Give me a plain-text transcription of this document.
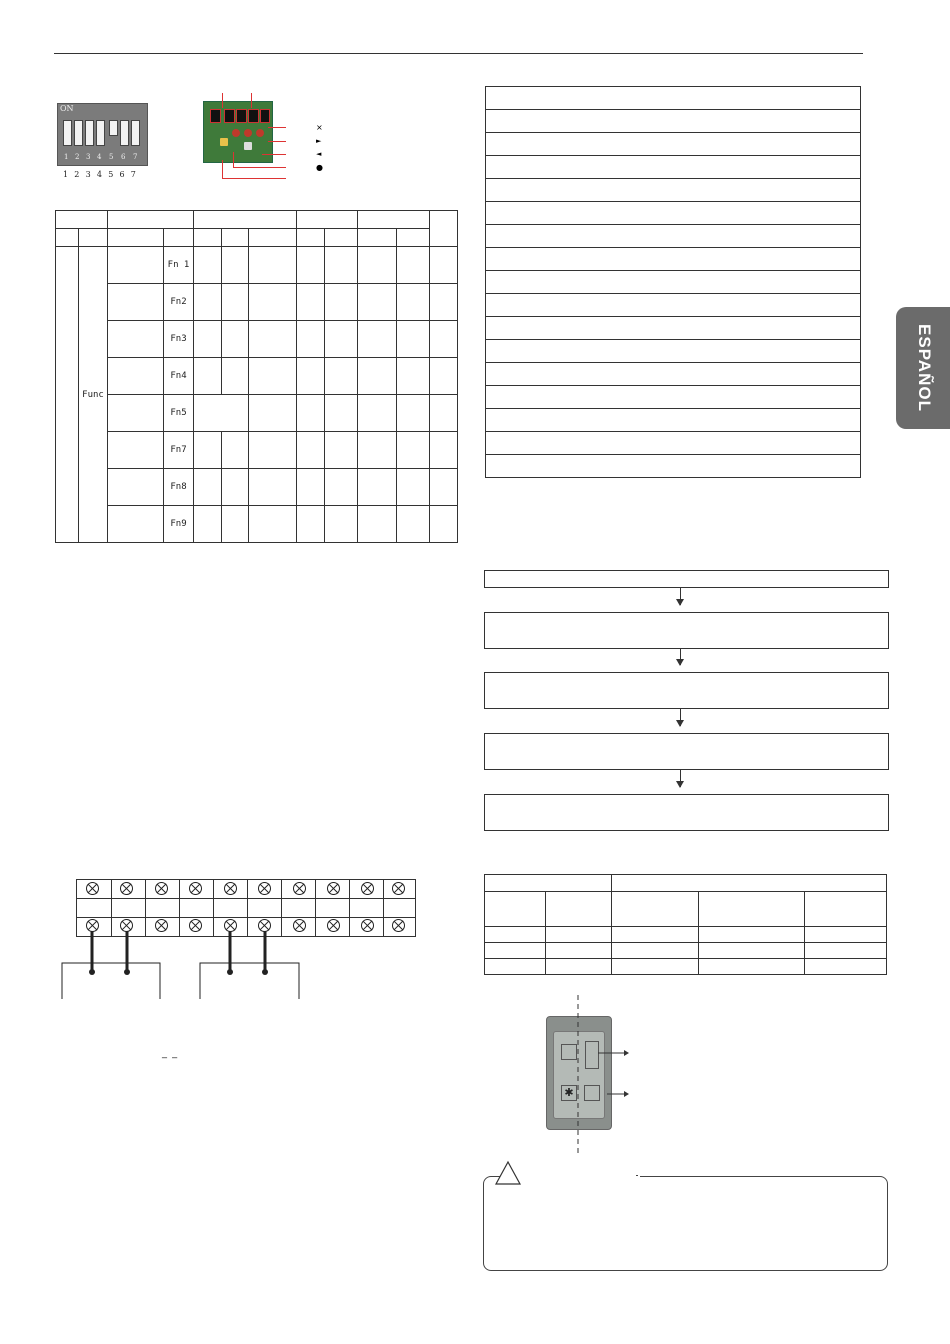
ON
1 2 3 4 5 6 7
1 2 3 4 5 6 7
×
►
◄
●

	Func		Fn 1								
			Fn2								
			Fn3								
			Fn4								
			Fn5								
			Fn7								
			Fn8								
			Fn9								
ESPAÑOL

_ _
✱
